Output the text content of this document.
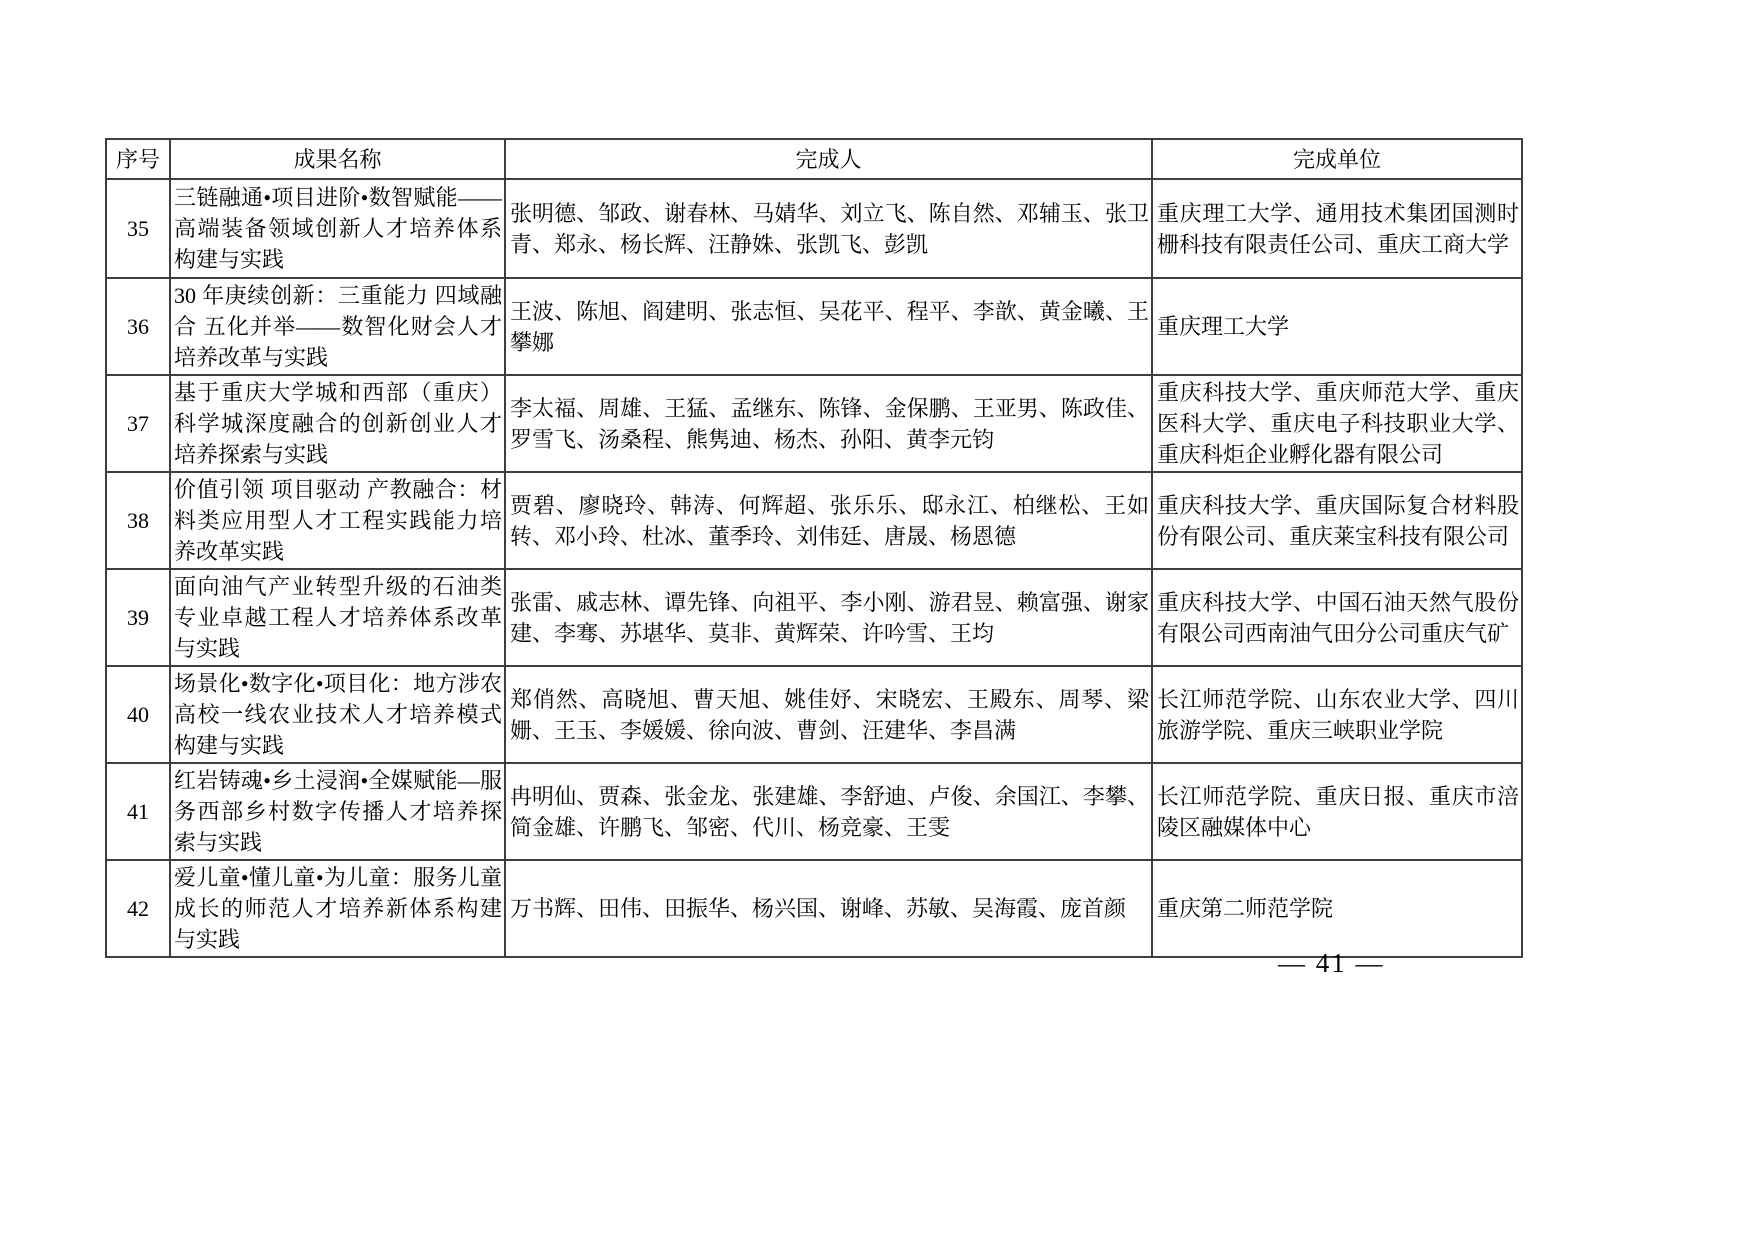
序号	成果名称	完成人	完成单位
35	三链融通•项目进阶•数智赋能——高端装备领域创新人才培养体系构建与实践	张明德、邹政、谢春林、马婧华、刘立飞、陈自然、邓辅玉、张卫青、郑永、杨长辉、汪静姝、张凯飞、彭凯	重庆理工大学、通用技术集团国测时栅科技有限责任公司、重庆工商大学
36	30 年庚续创新：三重能力 四域融合 五化并举——数智化财会人才培养改革与实践	王波、陈旭、阎建明、张志恒、吴花平、程平、李歆、黄金曦、王攀娜	重庆理工大学
37	基于重庆大学城和西部（重庆）科学城深度融合的创新创业人才培养探索与实践	李太福、周雄、王猛、孟继东、陈锋、金保鹏、王亚男、陈政佳、罗雪飞、汤桑程、熊隽迪、杨杰、孙阳、黄李元钧	重庆科技大学、重庆师范大学、重庆医科大学、重庆电子科技职业大学、重庆科炬企业孵化器有限公司
38	价值引领 项目驱动 产教融合：材料类应用型人才工程实践能力培养改革实践	贾碧、廖晓玲、韩涛、何辉超、张乐乐、邸永江、柏继松、王如转、邓小玲、杜冰、董季玲、刘伟廷、唐晟、杨恩德	重庆科技大学、重庆国际复合材料股份有限公司、重庆莱宝科技有限公司
39	面向油气产业转型升级的石油类专业卓越工程人才培养体系改革与实践	张雷、戚志林、谭先锋、向祖平、李小刚、游君昱、赖富强、谢家建、李骞、苏堪华、莫非、黄辉荣、许吟雪、王均	重庆科技大学、中国石油天然气股份有限公司西南油气田分公司重庆气矿
40	场景化•数字化•项目化：地方涉农高校一线农业技术人才培养模式构建与实践	郑俏然、高晓旭、曹天旭、姚佳妤、宋晓宏、王殿东、周琴、梁姗、王玉、李媛媛、徐向波、曹剑、汪建华、李昌满	长江师范学院、山东农业大学、四川旅游学院、重庆三峡职业学院
41	红岩铸魂•乡土浸润•全媒赋能—服务西部乡村数字传播人才培养探索与实践	冉明仙、贾森、张金龙、张建雄、李舒迪、卢俊、余国江、李攀、简金雄、许鹏飞、邹密、代川、杨竞豪、王雯	长江师范学院、重庆日报、重庆市涪陵区融媒体中心
42	爱儿童•懂儿童•为儿童：服务儿童成长的师范人才培养新体系构建与实践	万书辉、田伟、田振华、杨兴国、谢峰、苏敏、吴海霞、庞首颜	重庆第二师范学院
— 41 —
